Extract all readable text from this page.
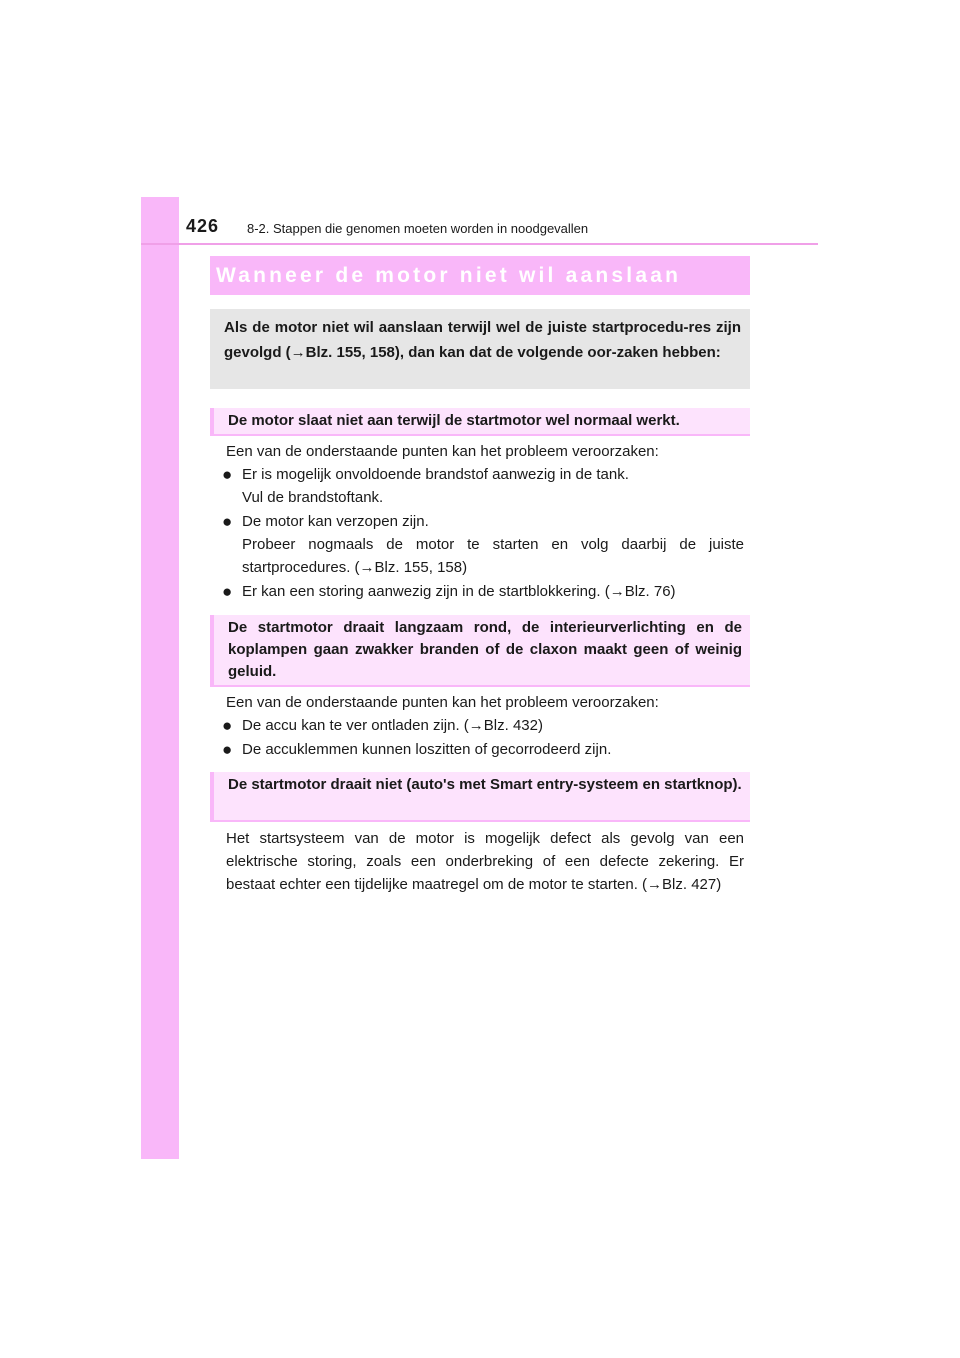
426 8-2. Stappen die genomen moeten worden in noodgevallen
Wanneer de motor niet wil aanslaan
Als de motor niet wil aanslaan terwijl wel de juiste startprocedu-res zijn gevolgd (→Blz. 155, 158), dan kan dat de volgende oor-zaken hebben:
De motor slaat niet aan terwijl de startmotor wel normaal werkt.
Een van de onderstaande punten kan het probleem veroorzaken:
● Er is mogelijk onvoldoende brandstof aanwezig in de tank.
Vul de brandstoftank.
● De motor kan verzopen zijn.
Probeer nogmaals de motor te starten en volg daarbij de juiste startprocedures. (→Blz. 155, 158)
● Er kan een storing aanwezig zijn in de startblokkering. (→Blz. 76)
De startmotor draait langzaam rond, de interieurverlichting en de koplampen gaan zwakker branden of de claxon maakt geen of weinig geluid.
Een van de onderstaande punten kan het probleem veroorzaken:
● De accu kan te ver ontladen zijn. (→Blz. 432)
● De accuklemmen kunnen loszitten of gecorrodeerd zijn.
De startmotor draait niet (auto's met Smart entry-systeem en startknop).
Het startsysteem van de motor is mogelijk defect als gevolg van een elektrische storing, zoals een onderbreking of een defecte zekering. Er bestaat echter een tijdelijke maatregel om de motor te starten. (→Blz. 427)
